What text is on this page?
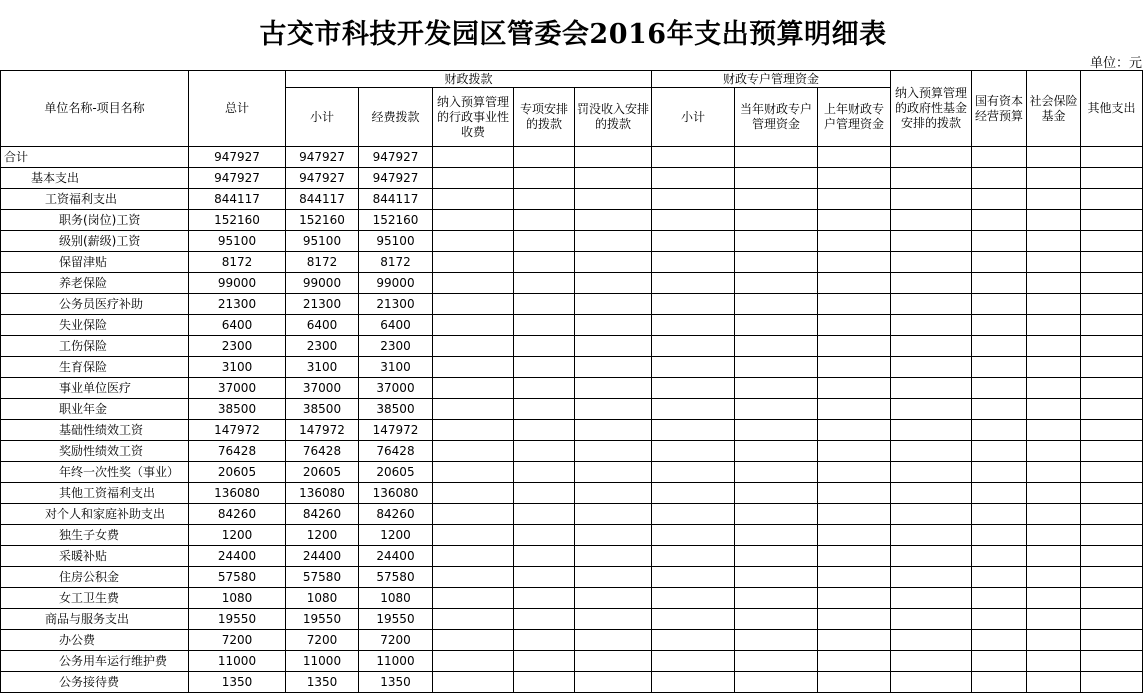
古交市科技开发园区管委会2016年支出预算明细表
单位：元
单位名称-项目名称	总计	财政拨款					财政专户管理资金			纳入预算管理的政府性基金安排的拨款	国有资本经营预算	社会保险基金	其他支出
		小计	经费拨款	纳入预算管理的行政事业性收费	专项安排的拨款	罚没收入安排的拨款	小计	当年财政专户管理资金	上年财政专户管理资金				
合计	947927	947927	947927										
基本支出	947927	947927	947927										
工资福利支出	844117	844117	844117										
职务(岗位)工资	152160	152160	152160										
级别(薪级)工资	95100	95100	95100										
保留津贴	8172	8172	8172										
养老保险	99000	99000	99000										
公务员医疗补助	21300	21300	21300										
失业保险	6400	6400	6400										
工伤保险	2300	2300	2300										
生育保险	3100	3100	3100										
事业单位医疗	37000	37000	37000										
职业年金	38500	38500	38500										
基础性绩效工资	147972	147972	147972										
奖励性绩效工资	76428	76428	76428										
年终一次性奖（事业）	20605	20605	20605										
其他工资福利支出	136080	136080	136080										
对个人和家庭补助支出	84260	84260	84260										
独生子女费	1200	1200	1200										
采暖补贴	24400	24400	24400										
住房公积金	57580	57580	57580										
女工卫生费	1080	1080	1080										
商品与服务支出	19550	19550	19550										
办公费	7200	7200	7200										
公务用车运行维护费	11000	11000	11000										
公务接待费	1350	1350	1350										
